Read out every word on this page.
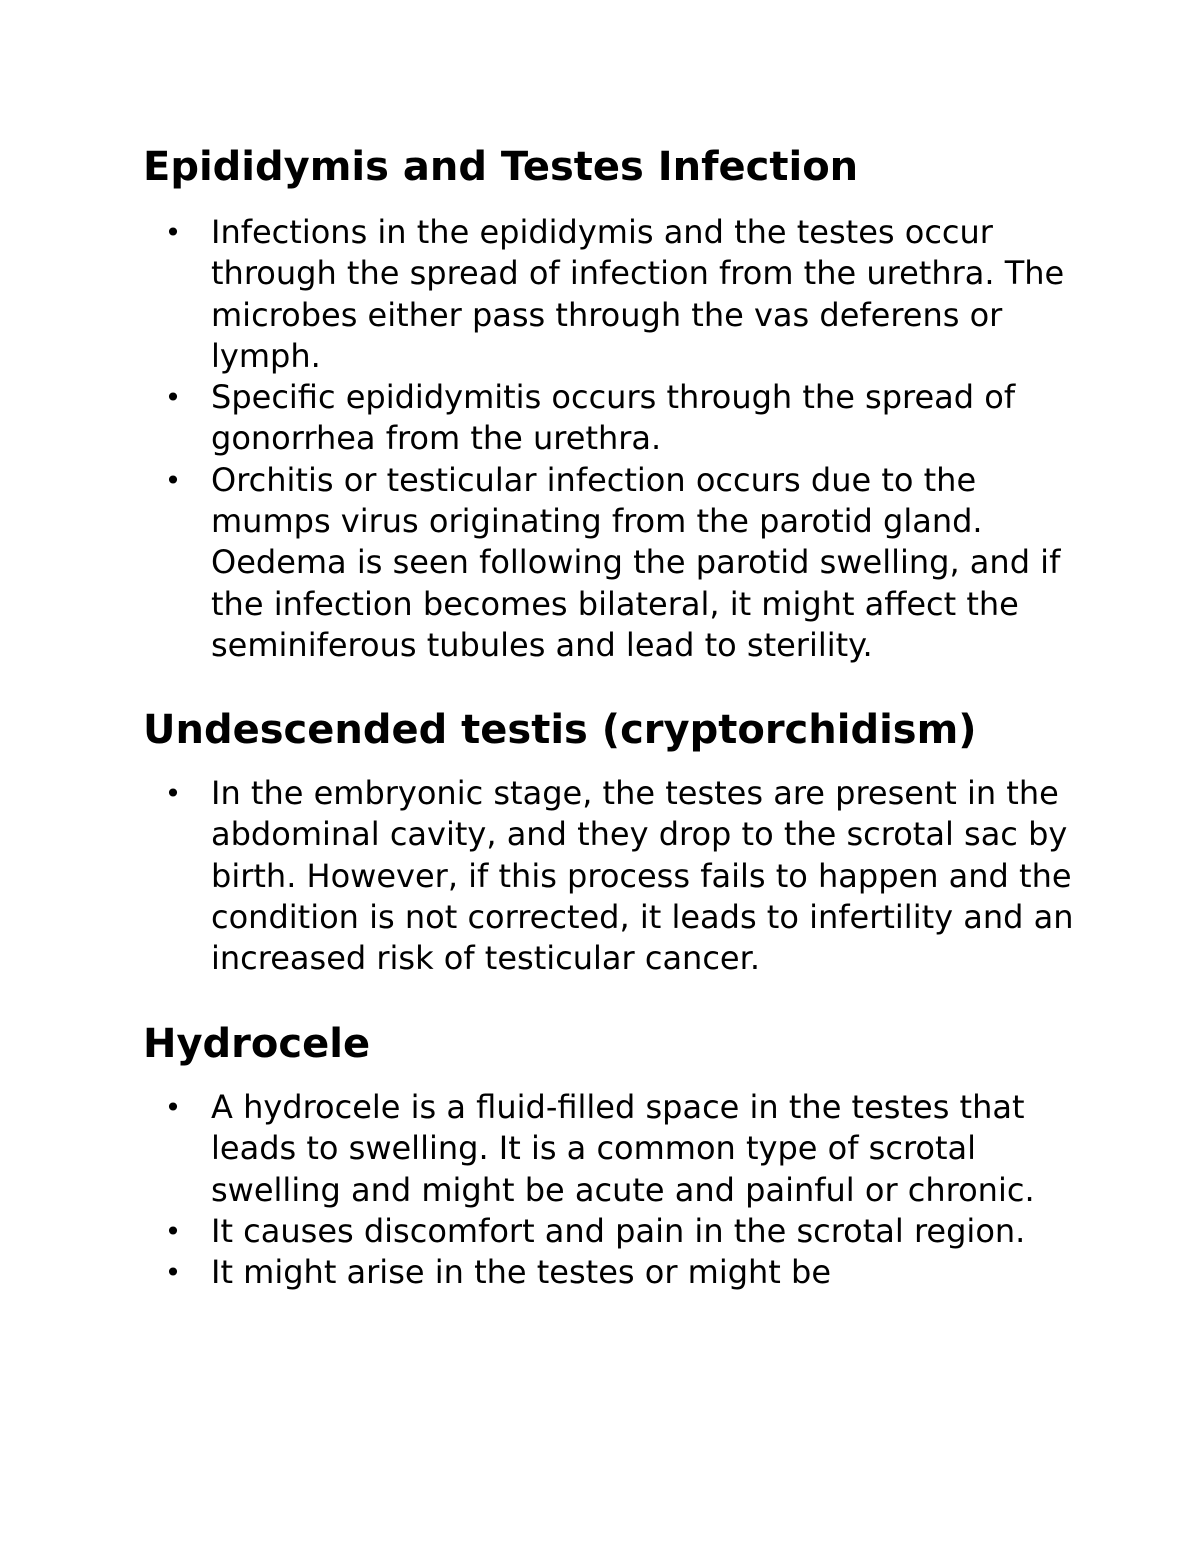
Epididymis and Testes Infection
• Infections in the epididymis and the testes occur through the spread of infection from the urethra. The microbes either pass through the vas deferens or lymph.
• Specific epididymitis occurs through the spread of gonorrhea from the urethra.
• Orchitis or testicular infection occurs due to the mumps virus originating from the parotid gland. Oedema is seen following the parotid swelling, and if the infection becomes bilateral, it might affect the seminiferous tubules and lead to sterility.
Undescended testis (cryptorchidism)
• In the embryonic stage, the testes are present in the abdominal cavity, and they drop to the scrotal sac by birth. However, if this process fails to happen and the condition is not corrected, it leads to infertility and an increased risk of testicular cancer.
Hydrocele
• A hydrocele is a fluid-filled space in the testes that leads to swelling. It is a common type of scrotal swelling and might be acute and painful or chronic.
• It causes discomfort and pain in the scrotal region.
• It might arise in the testes or might be
